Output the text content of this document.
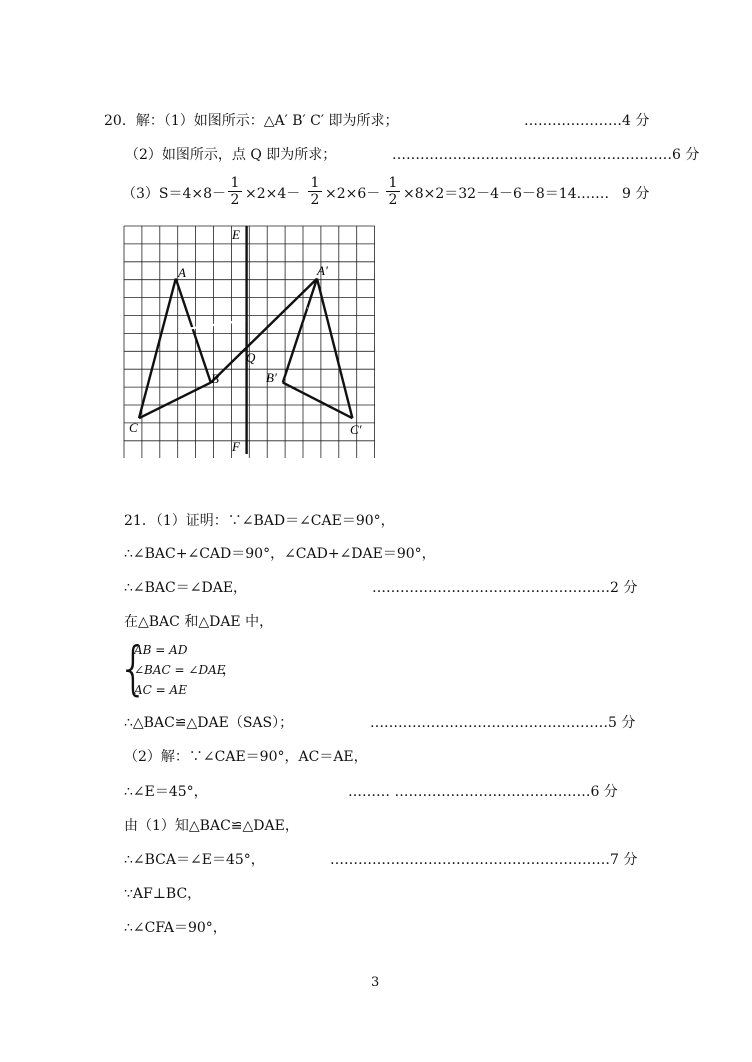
20．解：（1）如图所示：△A′ B′ C′ 即为所求；	…………………4 分
（2）如图所示，点 Q 即为所求；	……………………………………………………6 分
$(3)S=4\times 8- \frac{1}{2} \times 2\times 4- \frac{1}{2} \times 2\times 6- \frac{1}{2}$ ×8×2＝32－4－6－8＝14.…… 9 分
E
F
A	A′
B	B′
C	C′
Q
21．（1）证明：∵∠BAD＝∠CAE＝90°，
∴∠BAC+∠CAD＝90°，∠CAD+∠DAE＝90°，
∴∠BAC＝∠DAE，	……………………………………………2 分
在△BAC 和△DAE 中，
{
AB = AD
∠BAC = ∠DAE
AC = AE
，
∴△BAC≌△DAE（SAS）；	……………………………………………5 分
（2）解：∵∠CAE＝90°，AC＝AE，
∴∠E＝45°，	……… ……………………………………6 分
由（1）知△BAC≌△DAE，
∴∠BCA＝∠E＝45°，	……………………………………………………7 分
∵AF⊥BC，
∴∠CFA＝90°，
3
